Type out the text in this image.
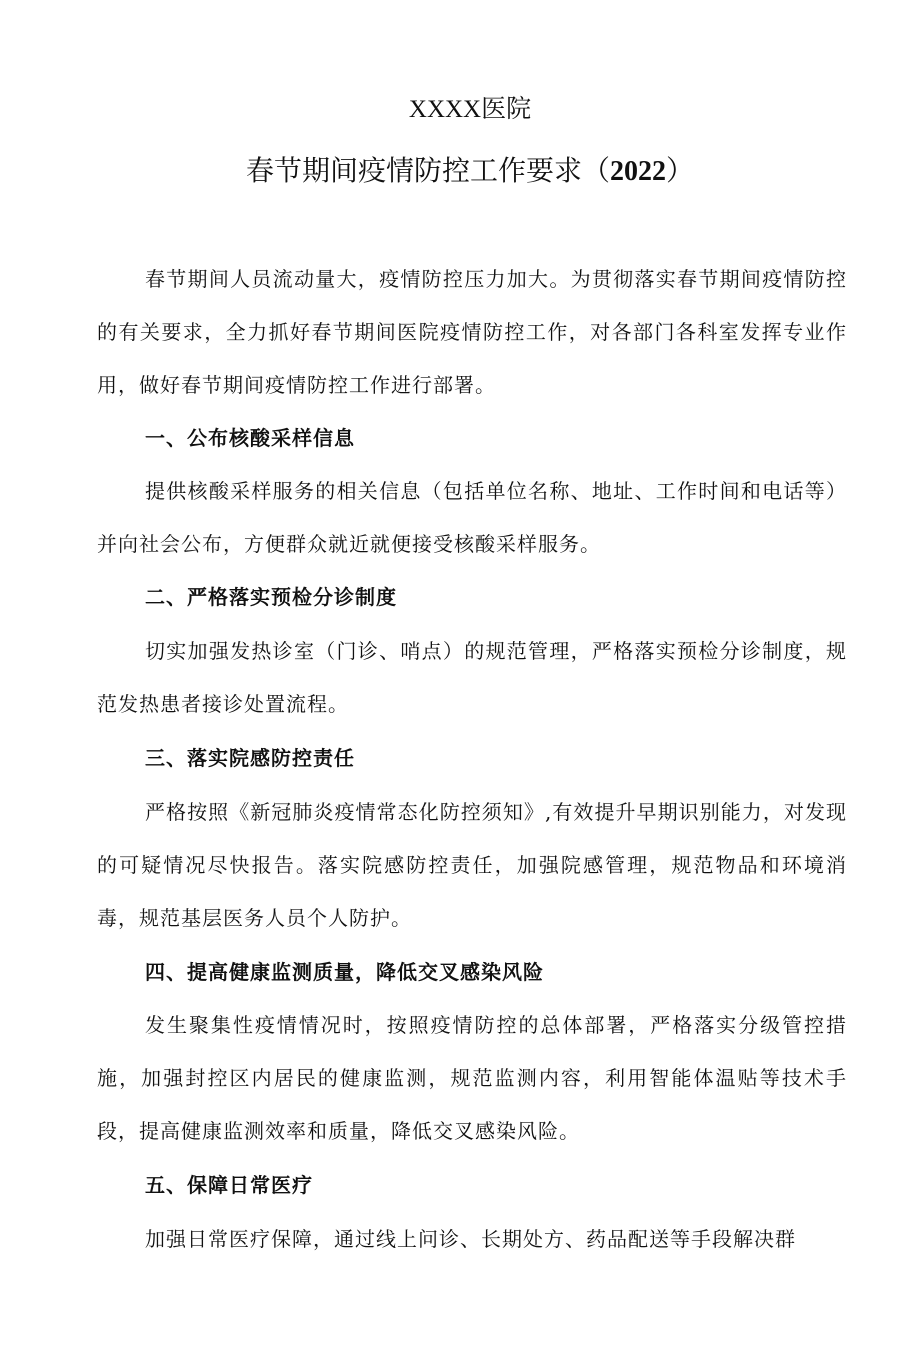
XXXX医院
春节期间疫情防控工作要求（2022）

春节期间人员流动量大，疫情防控压力加大。为贯彻落实春节期间疫情防控的有关要求，全力抓好春节期间医院疫情防控工作，对各部门各科室发挥专业作用，做好春节期间疫情防控工作进行部署。

一、公布核酸采样信息

提供核酸采样服务的相关信息（包括单位名称、地址、工作时间和电话等）并向社会公布，方便群众就近就便接受核酸采样服务。

二、严格落实预检分诊制度

切实加强发热诊室（门诊、哨点）的规范管理，严格落实预检分诊制度，规范发热患者接诊处置流程。

三、落实院感防控责任

严格按照《新冠肺炎疫情常态化防控须知》,有效提升早期识别能力，对发现的可疑情况尽快报告。落实院感防控责任，加强院感管理，规范物品和环境消毒，规范基层医务人员个人防护。

四、提高健康监测质量，降低交叉感染风险

发生聚集性疫情情况时，按照疫情防控的总体部署，严格落实分级管控措施，加强封控区内居民的健康监测，规范监测内容，利用智能体温贴等技术手段，提高健康监测效率和质量，降低交叉感染风险。

五、保障日常医疗

加强日常医疗保障，通过线上问诊、长期处方、药品配送等手段解决群
